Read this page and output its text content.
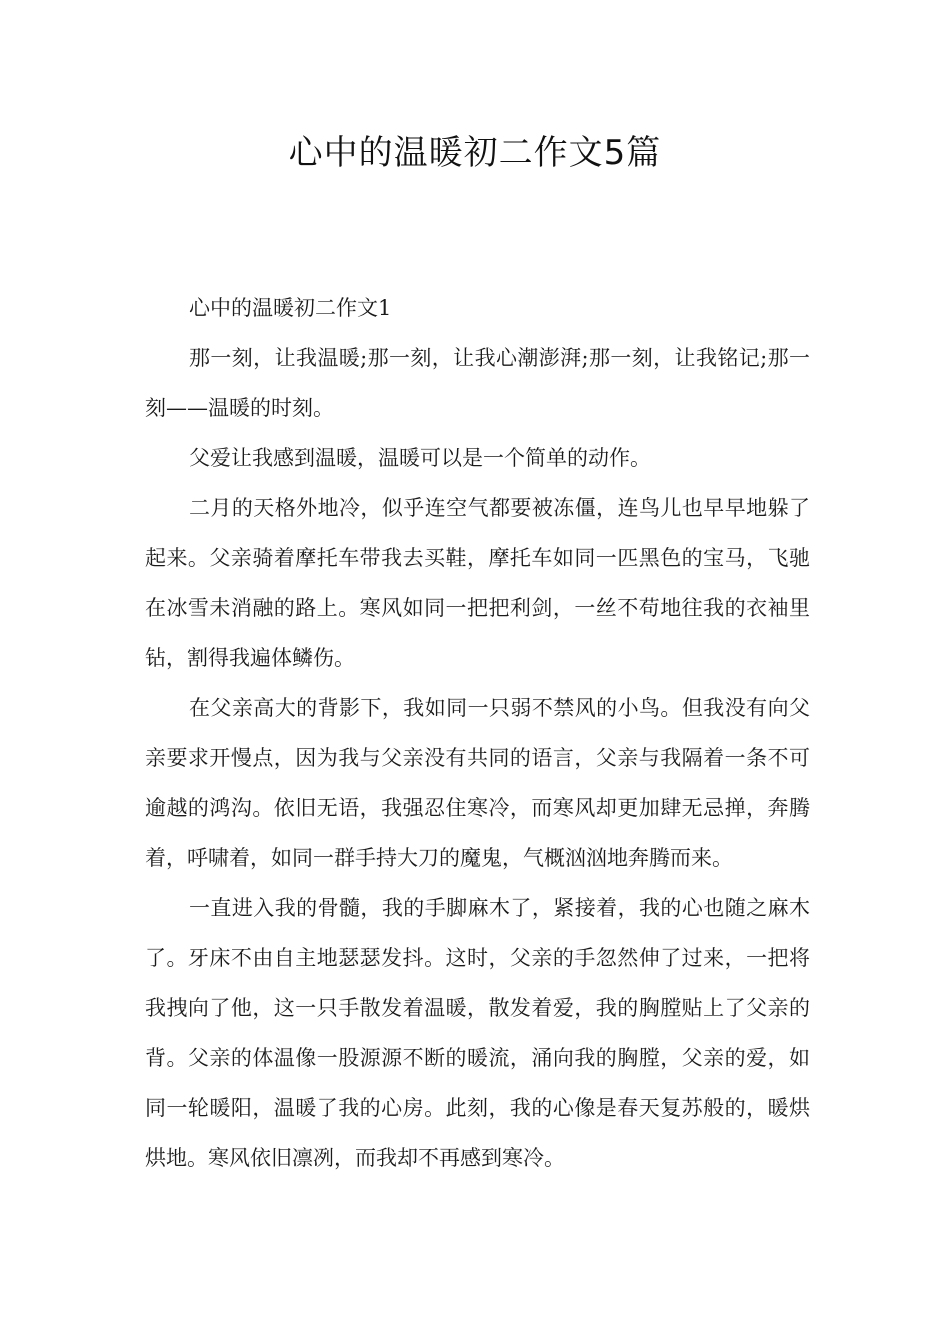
心中的温暖初二作文5篇

心中的温暖初二作文1

那一刻，让我温暖;那一刻，让我心潮澎湃;那一刻，让我铭记;那一刻——温暖的时刻。

父爱让我感到温暖，温暖可以是一个简单的动作。

二月的天格外地冷，似乎连空气都要被冻僵，连鸟儿也早早地躲了起来。父亲骑着摩托车带我去买鞋，摩托车如同一匹黑色的宝马，飞驰在冰雪未消融的路上。寒风如同一把把利剑，一丝不苟地往我的衣袖里钻，割得我遍体鳞伤。

在父亲高大的背影下，我如同一只弱不禁风的小鸟。但我没有向父亲要求开慢点，因为我与父亲没有共同的语言，父亲与我隔着一条不可逾越的鸿沟。依旧无语，我强忍住寒冷，而寒风却更加肆无忌掸，奔腾着，呼啸着，如同一群手持大刀的魔鬼，气概汹汹地奔腾而来。

一直进入我的骨髓，我的手脚麻木了，紧接着，我的心也随之麻木了。牙床不由自主地瑟瑟发抖。这时，父亲的手忽然伸了过来，一把将我拽向了他，这一只手散发着温暖，散发着爱，我的胸膛贴上了父亲的背。父亲的体温像一股源源不断的暖流，涌向我的胸膛，父亲的爱，如同一轮暖阳，温暖了我的心房。此刻，我的心像是春天复苏般的，暖烘烘地。寒风依旧凛冽，而我却不再感到寒冷。
